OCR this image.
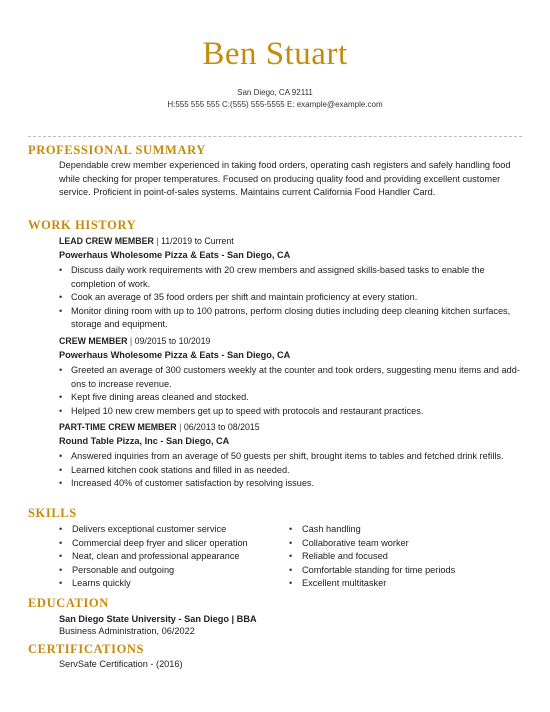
Ben Stuart
San Diego, CA 92111
H:555 555 555 C:(555) 555-5555 E: example@example.com
PROFESSIONAL SUMMARY
Dependable crew member experienced in taking food orders, operating cash registers and safely handling food while checking for proper temperatures. Focused on producing quality food and providing excellent customer service. Proficient in point-of-sales systems. Maintains current California Food Handler Card.
WORK HISTORY
LEAD CREW MEMBER | 11/2019 to Current
Powerhaus Wholesome Pizza & Eats - San Diego, CA
• Discuss daily work requirements with 20 crew members and assigned skills-based tasks to enable the completion of work.
• Cook an average of 35 food orders per shift and maintain proficiency at every station.
• Monitor dining room with up to 100 patrons, perform closing duties including deep cleaning kitchen surfaces, storage and equipment.
CREW MEMBER | 09/2015 to 10/2019
Powerhaus Wholesome Pizza & Eats - San Diego, CA
• Greeted an average of 300 customers weekly at the counter and took orders, suggesting menu items and add-ons to increase revenue.
• Kept five dining areas cleaned and stocked.
• Helped 10 new crew members get up to speed with protocols and restaurant practices.
PART-TIME CREW MEMBER | 06/2013 to 08/2015
Round Table Pizza, Inc - San Diego, CA
• Answered inquiries from an average of 50 guests per shift, brought items to tables and fetched drink refills.
• Learned kitchen cook stations and filled in as needed.
• Increased 40% of customer satisfaction by resolving issues.
SKILLS
• Delivers exceptional customer service
• Commercial deep fryer and slicer operation
• Neat, clean and professional appearance
• Personable and outgoing
• Learns quickly
• Cash handling
• Collaborative team worker
• Reliable and focused
• Comfortable standing for time periods
• Excellent multitasker
EDUCATION
San Diego State University - San Diego | BBA
Business Administration, 06/2022
CERTIFICATIONS
ServSafe Certification - (2016)
